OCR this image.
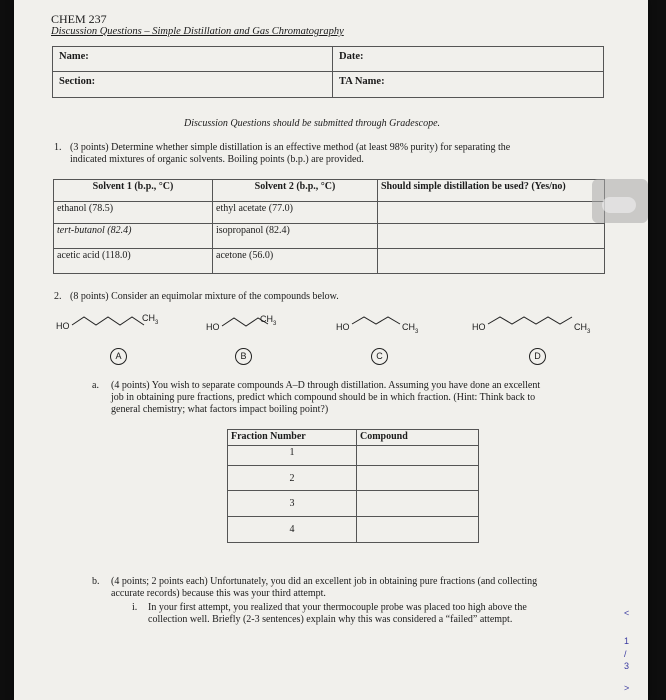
CHEM 237
Discussion Questions – Simple Distillation and Gas Chromatography
Name:	Date:
Section:	TA Name:
Discussion Questions should be submitted through Gradescope.
1. (3 points) Determine whether simple distillation is an effective method (at least 98% purity) for separating the
indicated mixtures of organic solvents. Boiling points (b.p.) are provided.
Solvent 1 (b.p., °C)	Solvent 2 (b.p., °C)	Should simple distillation be used? (Yes/no)
ethanol (78.5)	ethyl acetate (77.0)	
tert-butanol (82.4)	isopropanol (82.4)	
acetic acid (118.0)	acetone (56.0)	
2. (8 points) Consider an equimolar mixture of the compounds below.
HO
$CH_3$
A
HO
$CH_3$
B
HO	$CH_3$
C
HO	$CH_3$
D
a. (4 points) You wish to separate compounds A–D through distillation. Assuming you have done an excellent
job in obtaining pure fractions, predict which compound should be in which fraction. (Hint: Think back to
general chemistry; what factors impact boiling point?)
Fraction Number	Compound
1	
2	
3	
4	
b. (4 points; 2 points each) Unfortunately, you did an excellent job in obtaining pure fractions (and collecting
accurate records) because this was your third attempt.
i. In your first attempt, you realized that your thermocouple probe was placed too high above the
collection well. Briefly (2-3 sentences) explain why this was considered a “failed” attempt.
<
1
/
3
>
